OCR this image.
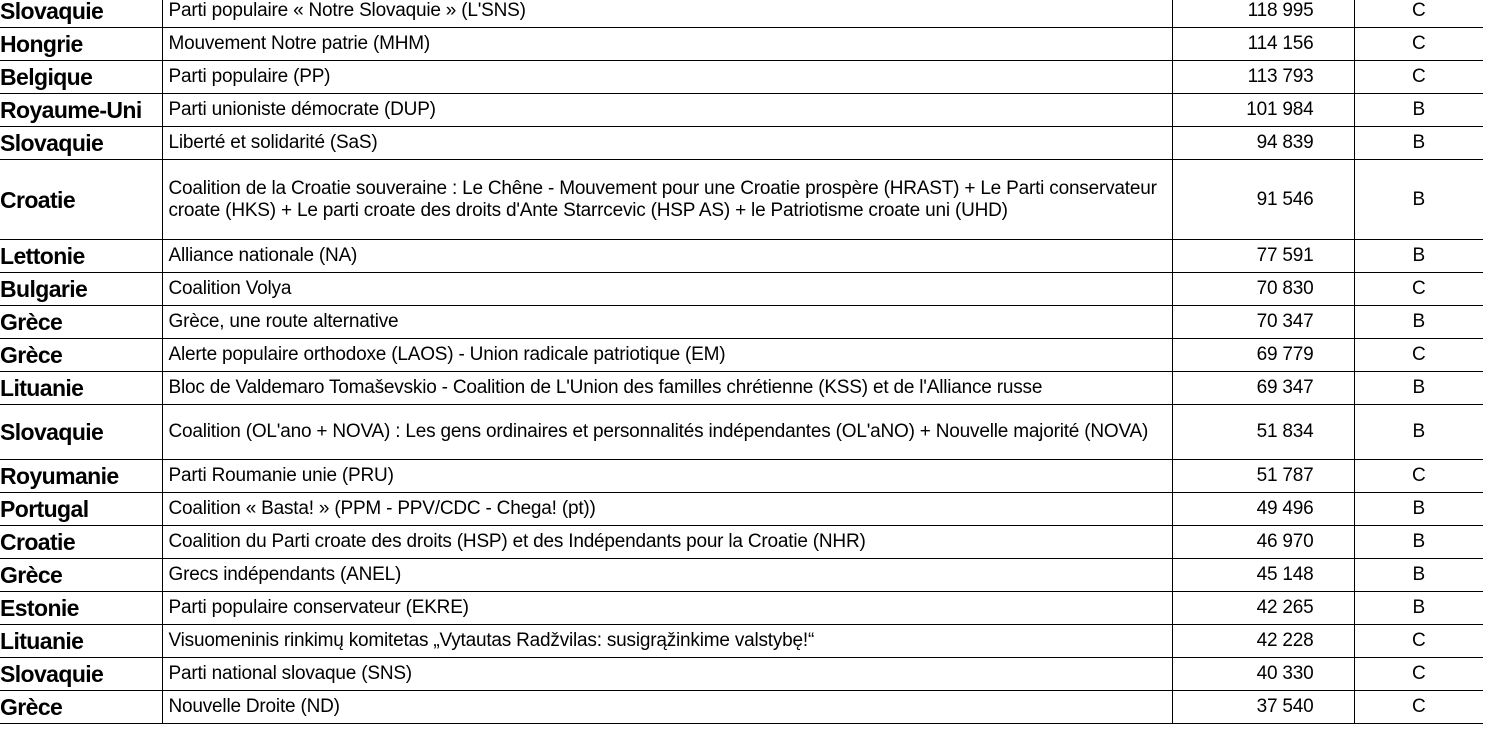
Slovaquie	Parti populaire « Notre Slovaquie » (L'SNS)	118 995	C
Hongrie	Mouvement Notre patrie (MHM)	114 156	C
Belgique	Parti populaire (PP)	113 793	C
Royaume-Uni	Parti unioniste démocrate (DUP)	101 984	B
Slovaquie	Liberté et solidarité (SaS)	94 839	B
Croatie	Coalition de la Croatie souveraine : Le Chêne - Mouvement pour une Croatie prospère (HRAST) + Le Parti conservateur croate (HKS) + Le parti croate des droits d'Ante Starrcevic (HSP AS) + le Patriotisme croate uni (UHD)	91 546	B
Lettonie	Alliance nationale (NA)	77 591	B
Bulgarie	Coalition Volya	70 830	C
Grèce	Grèce, une route alternative	70 347	B
Grèce	Alerte populaire orthodoxe (LAOS) - Union radicale patriotique (EM)	69 779	C
Lituanie	Bloc de Valdemaro Tomaševskio - Coalition de L'Union des familles chrétienne (KSS) et de l'Alliance russe	69 347	B
Slovaquie	Coalition (OL'ano + NOVA) : Les gens ordinaires et personnalités indépendantes (OL'aNO) + Nouvelle majorité (NOVA)	51 834	B
Royumanie	Parti Roumanie unie (PRU)	51 787	C
Portugal	Coalition « Basta! » (PPM - PPV/CDC - Chega! (pt))	49 496	B
Croatie	Coalition du Parti croate des droits (HSP) et des Indépendants pour la Croatie (NHR)	46 970	B
Grèce	Grecs indépendants (ANEL)	45 148	B
Estonie	Parti populaire conservateur (EKRE)	42 265	B
Lituanie	Visuomeninis rinkimų komitetas „Vytautas Radžvilas: susigrąžinkime valstybę!“	42 228	C
Slovaquie	Parti national slovaque (SNS)	40 330	C
Grèce	Nouvelle Droite (ND)	37 540	C
